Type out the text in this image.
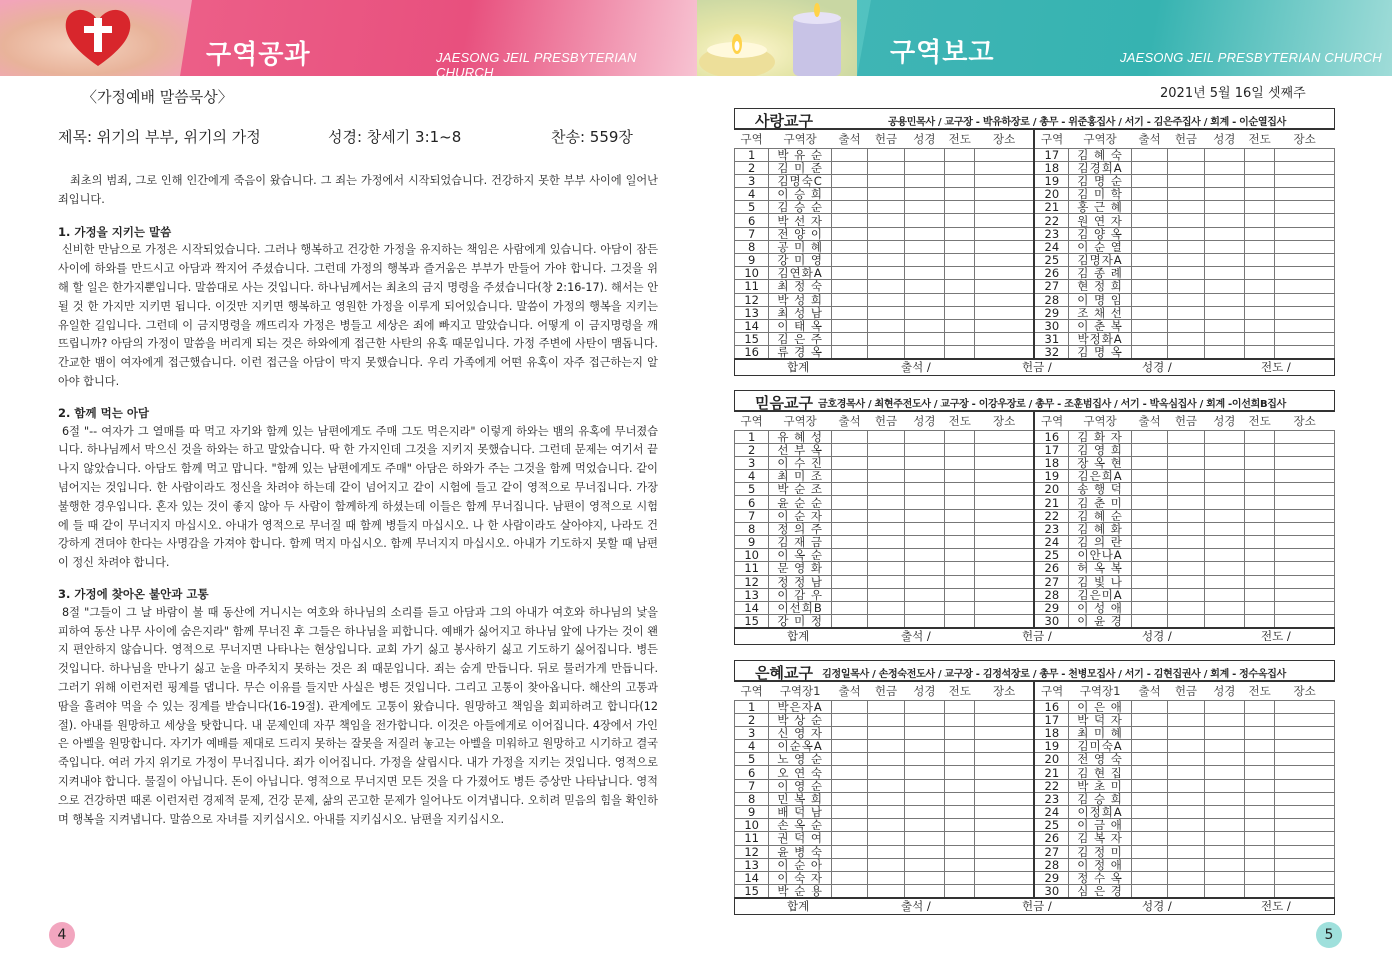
구역공과	JAESONG JEIL PRESBYTERIAN CHURCH
〈가정예배 말씀묵상〉
제목: 위기의 부부, 위기의 가정	성경: 창세기 3:1~8	찬송: 559장

최초의 범죄, 그로 인해 인간에게 죽음이 왔습니다. 그 죄는 가정에서 시작되었습니다. 건강하지 못한 부부 사이에 일어난 죄입니다.

1. 가정을 지키는 말씀

신비한 만남으로 가정은 시작되었습니다. 그러나 행복하고 건강한 가정을 유지하는 책임은 사람에게 있습니다. 아담이 잠든 사이에 하와를 만드시고 아담과 짝지어 주셨습니다. 그런데 가정의 행복과 즐거움은 부부가 만들어 가야 합니다. 그것을 위해 할 일은 한가지뿐입니다. 말씀대로 사는 것입니다. 하나님께서는 최초의 금지 명령을 주셨습니다(창 2:16-17). 해서는 안 될 것 한 가지만 지키면 됩니다. 이것만 지키면 행복하고 영원한 가정을 이루게 되어있습니다. 말씀이 가정의 행복을 지키는 유일한 길입니다. 그런데 이 금지명령을 깨뜨리자 가정은 병들고 세상은 죄에 빠지고 말았습니다. 어떻게 이 금지명령을 깨뜨립니까? 아담의 가정이 말씀을 버리게 되는 것은 하와에게 접근한 사탄의 유혹 때문입니다. 가정 주변에 사탄이 맴돕니다. 간교한 뱀이 여자에게 접근했습니다. 이런 접근을 아담이 막지 못했습니다. 우리 가족에게 어떤 유혹이 자주 접근하는지 알아야 합니다.

2. 함께 먹는 아담

6절 "-- 여자가 그 열매를 따 먹고 자기와 함께 있는 남편에게도 주매 그도 먹은지라" 이렇게 하와는 뱀의 유혹에 무너졌습니다. 하나님께서 막으신 것을 하와는 하고 말았습니다. 딱 한 가지인데 그것을 지키지 못했습니다. 그런데 문제는 여기서 끝나지 않았습니다. 아담도 함께 먹고 맙니다. "함께 있는 남편에게도 주매" 아담은 하와가 주는 그것을 함께 먹었습니다. 같이 넘어지는 것입니다. 한 사람이라도 정신을 차려야 하는데 같이 넘어지고 같이 시험에 들고 같이 영적으로 무너집니다. 가장 불행한 경우입니다. 혼자 있는 것이 좋지 않아 두 사람이 함께하게 하셨는데 이들은 함께 무너집니다. 남편이 영적으로 시험에 들 때 같이 무너지지 마십시오. 아내가 영적으로 무너질 때 함께 병들지 마십시오. 나 한 사람이라도 살아야지, 나라도 건강하게 견뎌야 한다는 사명감을 가져야 합니다. 함께 먹지 마십시오. 함께 무너지지 마십시오. 아내가 기도하지 못할 때 남편이 정신 차려야 합니다.

3. 가정에 찾아온 불안과 고통

8절 "그들이 그 날 바람이 불 때 동산에 거니시는 여호와 하나님의 소리를 듣고 아담과 그의 아내가 여호와 하나님의 낯을 피하여 동산 나무 사이에 숨은지라" 함께 무너진 후 그들은 하나님을 피합니다. 예배가 싫어지고 하나님 앞에 나가는 것이 왠지 편안하지 않습니다. 영적으로 무너지면 나타나는 현상입니다. 교회 가기 싫고 봉사하기 싫고 기도하기 싫어집니다. 병든 것입니다. 하나님을 만나기 싫고 눈을 마주치지 못하는 것은 죄 때문입니다. 죄는 숨게 만듭니다. 뒤로 물러가게 만듭니다. 그러기 위해 이런저런 핑계를 댑니다. 무슨 이유를 들지만 사실은 병든 것입니다. 그리고 고통이 찾아옵니다. 해산의 고통과 땀을 흘려야 먹을 수 있는 징계를 받습니다(16-19절). 관계에도 고통이 왔습니다. 원망하고 책임을 회피하려고 합니다(12절). 아내를 원망하고 세상을 탓합니다. 내 문제인데 자꾸 책임을 전가합니다. 이것은 아들에게로 이어집니다. 4장에서 가인은 아벨을 원망합니다. 자기가 예배를 제대로 드리지 못하는 잘못을 저질러 놓고는 아벨을 미워하고 원망하고 시기하고 결국 죽입니다. 여러 가지 위기로 가정이 무너집니다. 죄가 이어집니다. 가정을 살립시다. 내가 가정을 지키는 것입니다. 영적으로 지켜내야 합니다. 물질이 아닙니다. 돈이 아닙니다. 영적으로 무너지면 모든 것을 다 가졌어도 병든 증상만 나타납니다. 영적으로 건강하면 때론 이런저런 경제적 문제, 건강 문제, 삶의 곤고한 문제가 일어나도 이겨냅니다. 오히려 믿음의 힘을 확인하며 행복을 지켜냅니다. 말씀으로 자녀를 지키십시오. 아내를 지키십시오. 남편을 지키십시오.

4
구역보고	JAESONG JEIL PRESBYTERIAN CHURCH
2021년 5월 16일 셋째주
사랑교구	공용민목사 / 교구장 - 박유하장로 / 총무 - 위준홍집사 / 서기 - 김은주집사 / 회계 - 이순열집사
구역	구역장	출석	헌금	성경	전도	장소	구역	구역장	출석	헌금	성경	전도	장소
1	박 유 순						17	김 혜 숙					
2	김 미 준						18	김경희A					
3	김명숙C						19	김 명 순					
4	이 승 희						20	김 미 학					
5	김 승 순						21	홍 근 혜					
6	박 선 자						22	원 연 자					
7	전 양 이						23	김 양 옥					
8	공 미 혜						24	이 순 열					
9	강 미 영						25	김명자A					
10	김연화A						26	김 종 례					
11	최 정 숙						27	현 정 희					
12	박 성 희						28	이 명 임					
13	최 성 남						29	조 채 선					
14	이 태 옥						30	이 춘 복					
15	김 은 주						31	박정화A					
16	류 경 옥						32	김 명 옥					

합계 출석 / 헌금 / 성경 / 전도 /													
믿음교구 금호경목사 / 최현주전도사 / 교구장 - 이강우장로 / 총무 - 조훈범집사 / 서기 - 박옥심집사 / 회계 -이선희B집사
구역	구역장	출석	헌금	성경	전도	장소	구역	구역장	출석	헌금	성경	전도	장소
1	유 혜 성						16	김 화 자					
2	선 부 옥						17	김 영 희					
3	이 수 진						18	장 옥 현					
4	최 미 조						19	김은희A					
5	박 순 조						20	송 행 덕					
6	윤 순 순						21	김 춘 미					
7	이 순 자						22	김 혜 순					
8	정 의 주						23	김 혜 화					
9	김 재 금						24	김 의 란					
10	이 옥 순						25	이안나A					
11	문 영 화						26	허 옥 복					
12	정 정 남						27	김 빛 나					
13	이 감 우						28	김은미A					
14	이선희B						29	이 성 애					
15	강 미 정						30	이 윤 경					

합계 출석 / 헌금 / 성경 / 전도 /													
은혜교구 김정일목사 / 손정숙전도사 / 교구장 - 김정석장로 / 총무 - 천병모집사 / 서기 - 김현집권사 / 회계 - 정수옥집사
구역	구역장1	출석	헌금	성경	전도	장소	구역	구역장1	출석	헌금	성경	전도	장소
1	박은자A						16	이 은 애					
2	박 상 순						17	박 덕 자					
3	신 영 자						18	최 미 혜					
4	이순옥A						19	김미숙A					
5	노 영 순						20	전 영 숙					
6	오 연 숙						21	김 현 집					
7	이 영 순						22	박 초 미					
8	민 복 희						23	김 승 희					
9	배 덕 남						24	이정희A					
10	손 옥 순						25	이 금 애					
11	권 덕 여						26	김 복 자					
12	윤 병 숙						27	김 정 미					
13	이 순 아						28	이 정 애					
14	이 숙 자						29	정 수 옥					
15	박 순 용						30	심 은 경					

합계 출석 / 헌금 / 성경 / 전도 /													
5
